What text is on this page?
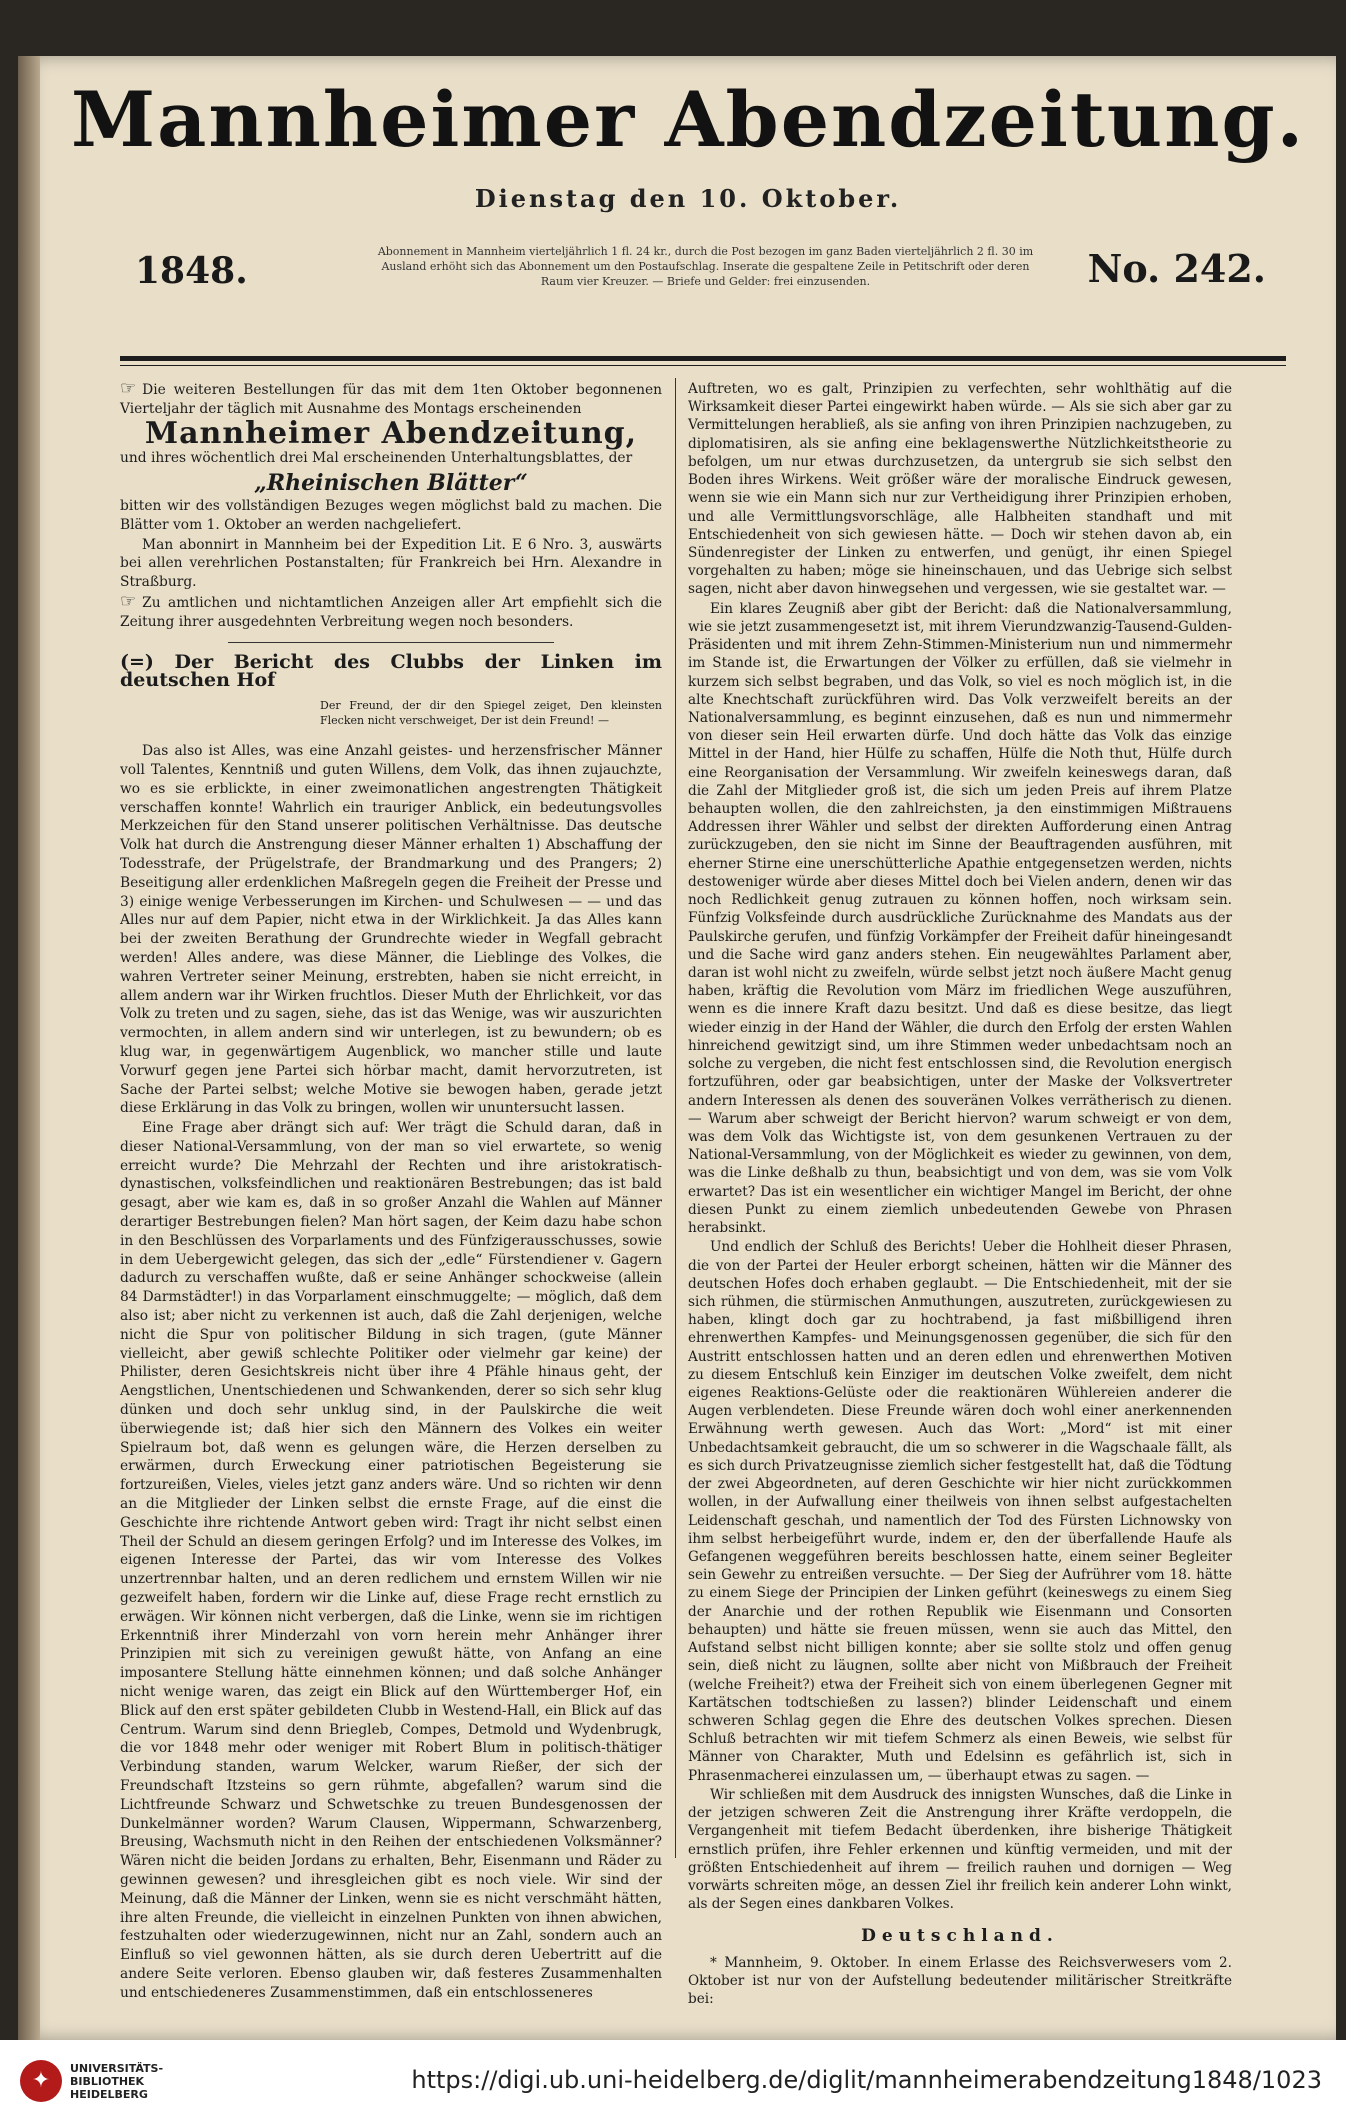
Mannheimer Abendzeitung.
Dienstag den 10. Oktober.
1848.	Abonnement in Mannheim vierteljährlich 1 fl. 24 kr., durch die Post bezogen im ganz Baden vierteljährlich 2 fl. 30 im Ausland erhöht sich das Abonnement um den Postaufschlag. Inserate die gespaltene Zeile in Petitschrift oder deren Raum vier Kreuzer. — Briefe und Gelder: frei einzusenden.	No. 242.

☞ Die weiteren Bestellungen für das mit dem 1ten Oktober begonnenen Vierteljahr der täglich mit Ausnahme des Montags erscheinenden

Mannheimer Abendzeitung,

und ihres wöchentlich drei Mal erscheinenden Unterhaltungsblattes, der

„Rheinischen Blätter“

bitten wir des vollständigen Bezuges wegen möglichst bald zu machen. Die Blätter vom 1. Oktober an werden nachgeliefert.

Man abonnirt in Mannheim bei der Expedition Lit. E 6 Nro. 3, auswärts bei allen verehrlichen Postanstalten; für Frankreich bei Hrn. Alexandre in Straßburg.

☞ Zu amtlichen und nichtamtlichen Anzeigen aller Art empfiehlt sich die Zeitung ihrer ausgedehnten Verbreitung wegen noch besonders.

(=) Der Bericht des Clubbs der Linken im deutschen Hof

Der Freund, der dir den Spiegel zeiget, Den kleinsten Flecken nicht verschweiget, Der ist dein Freund! —

Das also ist Alles, was eine Anzahl geistes- und herzensfrischer Männer voll Talentes, Kenntniß und guten Willens, dem Volk, das ihnen zujauchzte, wo es sie erblickte, in einer zweimonatlichen angestrengten Thätigkeit verschaffen konnte! Wahrlich ein trauriger Anblick, ein bedeutungsvolles Merkzeichen für den Stand unserer politischen Verhältnisse. Das deutsche Volk hat durch die Anstrengung dieser Männer erhalten 1) Abschaffung der Todesstrafe, der Prügelstrafe, der Brandmarkung und des Prangers; 2) Beseitigung aller erdenklichen Maßregeln gegen die Freiheit der Presse und 3) einige wenige Verbesserungen im Kirchen- und Schulwesen — — und das Alles nur auf dem Papier, nicht etwa in der Wirklichkeit. Ja das Alles kann bei der zweiten Berathung der Grundrechte wieder in Wegfall gebracht werden! Alles andere, was diese Männer, die Lieblinge des Volkes, die wahren Vertreter seiner Meinung, erstrebten, haben sie nicht erreicht, in allem andern war ihr Wirken fruchtlos. Dieser Muth der Ehrlichkeit, vor das Volk zu treten und zu sagen, siehe, das ist das Wenige, was wir auszurichten vermochten, in allem andern sind wir unterlegen, ist zu bewundern; ob es klug war, in gegenwärtigem Augenblick, wo mancher stille und laute Vorwurf gegen jene Partei sich hörbar macht, damit hervorzutreten, ist Sache der Partei selbst; welche Motive sie bewogen haben, gerade jetzt diese Erklärung in das Volk zu bringen, wollen wir ununtersucht lassen.

Eine Frage aber drängt sich auf: Wer trägt die Schuld daran, daß in dieser National-Versammlung, von der man so viel erwartete, so wenig erreicht wurde? Die Mehrzahl der Rechten und ihre aristokratisch-dynastischen, volksfeindlichen und reaktionären Bestrebungen; das ist bald gesagt, aber wie kam es, daß in so großer Anzahl die Wahlen auf Männer derartiger Bestrebungen fielen? Man hört sagen, der Keim dazu habe schon in den Beschlüssen des Vorparlaments und des Fünfzigerausschusses, sowie in dem Uebergewicht gelegen, das sich der „edle“ Fürstendiener v. Gagern dadurch zu verschaffen wußte, daß er seine Anhänger schockweise (allein 84 Darmstädter!) in das Vorparlament einschmuggelte; — möglich, daß dem also ist; aber nicht zu verkennen ist auch, daß die Zahl derjenigen, welche nicht die Spur von politischer Bildung in sich tragen, (gute Männer vielleicht, aber gewiß schlechte Politiker oder vielmehr gar keine) der Philister, deren Gesichtskreis nicht über ihre 4 Pfähle hinaus geht, der Aengstlichen, Unentschiedenen und Schwankenden, derer so sich sehr klug dünken und doch sehr unklug sind, in der Paulskirche die weit überwiegende ist; daß hier sich den Männern des Volkes ein weiter Spielraum bot, daß wenn es gelungen wäre, die Herzen derselben zu erwärmen, durch Erweckung einer patriotischen Begeisterung sie fortzureißen, Vieles, vieles jetzt ganz anders wäre. Und so richten wir denn an die Mitglieder der Linken selbst die ernste Frage, auf die einst die Geschichte ihre richtende Antwort geben wird: Tragt ihr nicht selbst einen Theil der Schuld an diesem geringen Erfolg? und im Interesse des Volkes, im eigenen Interesse der Partei, das wir vom Interesse des Volkes unzertrennbar halten, und an deren redlichem und ernstem Willen wir nie gezweifelt haben, fordern wir die Linke auf, diese Frage recht ernstlich zu erwägen. Wir können nicht verbergen, daß die Linke, wenn sie im richtigen Erkenntniß ihrer Minderzahl von vorn herein mehr Anhänger ihrer Prinzipien mit sich zu vereinigen gewußt hätte, von Anfang an eine imposantere Stellung hätte einnehmen können; und daß solche Anhänger nicht wenige waren, das zeigt ein Blick auf den Württemberger Hof, ein Blick auf den erst später gebildeten Clubb in Westend-Hall, ein Blick auf das Centrum. Warum sind denn Briegleb, Compes, Detmold und Wydenbrugk, die vor 1848 mehr oder weniger mit Robert Blum in politisch-thätiger Verbindung standen, warum Welcker, warum Rießer, der sich der Freundschaft Itzsteins so gern rühmte, abgefallen? warum sind die Lichtfreunde Schwarz und Schwetschke zu treuen Bundesgenossen der Dunkelmänner worden? Warum Clausen, Wippermann, Schwarzenberg, Breusing, Wachsmuth nicht in den Reihen der entschiedenen Volksmänner? Wären nicht die beiden Jordans zu erhalten, Behr, Eisenmann und Räder zu gewinnen gewesen? und ihresgleichen gibt es noch viele. Wir sind der Meinung, daß die Männer der Linken, wenn sie es nicht verschmäht hätten, ihre alten Freunde, die vielleicht in einzelnen Punkten von ihnen abwichen, festzuhalten oder wiederzugewinnen, nicht nur an Zahl, sondern auch an Einfluß so viel gewonnen hätten, als sie durch deren Uebertritt auf die andere Seite verloren. Ebenso glauben wir, daß festeres Zusammenhalten und entschiedeneres Zusammenstimmen, daß ein entschlosseneres

Auftreten, wo es galt, Prinzipien zu verfechten, sehr wohlthätig auf die Wirksamkeit dieser Partei eingewirkt haben würde. — Als sie sich aber gar zu Vermittelungen herabließ, als sie anfing von ihren Prinzipien nachzugeben, zu diplomatisiren, als sie anfing eine beklagenswerthe Nützlichkeitstheorie zu befolgen, um nur etwas durchzusetzen, da untergrub sie sich selbst den Boden ihres Wirkens. Weit größer wäre der moralische Eindruck gewesen, wenn sie wie ein Mann sich nur zur Vertheidigung ihrer Prinzipien erhoben, und alle Vermittlungsvorschläge, alle Halbheiten standhaft und mit Entschiedenheit von sich gewiesen hätte. — Doch wir stehen davon ab, ein Sündenregister der Linken zu entwerfen, und genügt, ihr einen Spiegel vorgehalten zu haben; möge sie hineinschauen, und das Uebrige sich selbst sagen, nicht aber davon hinwegsehen und vergessen, wie sie gestaltet war. —

Ein klares Zeugniß aber gibt der Bericht: daß die Nationalversammlung, wie sie jetzt zusammengesetzt ist, mit ihrem Vierundzwanzig-Tausend-Gulden-Präsidenten und mit ihrem Zehn-Stimmen-Ministerium nun und nimmermehr im Stande ist, die Erwartungen der Völker zu erfüllen, daß sie vielmehr in kurzem sich selbst begraben, und das Volk, so viel es noch möglich ist, in die alte Knechtschaft zurückführen wird. Das Volk verzweifelt bereits an der Nationalversammlung, es beginnt einzusehen, daß es nun und nimmermehr von dieser sein Heil erwarten dürfe. Und doch hätte das Volk das einzige Mittel in der Hand, hier Hülfe zu schaffen, Hülfe die Noth thut, Hülfe durch eine Reorganisation der Versammlung. Wir zweifeln keineswegs daran, daß die Zahl der Mitglieder groß ist, die sich um jeden Preis auf ihrem Platze behaupten wollen, die den zahlreichsten, ja den einstimmigen Mißtrauens Addressen ihrer Wähler und selbst der direkten Aufforderung einen Antrag zurückzugeben, den sie nicht im Sinne der Beauftragenden ausführen, mit eherner Stirne eine unerschütterliche Apathie entgegensetzen werden, nichts destoweniger würde aber dieses Mittel doch bei Vielen andern, denen wir das noch Redlichkeit genug zutrauen zu können hoffen, noch wirksam sein. Fünfzig Volksfeinde durch ausdrückliche Zurücknahme des Mandats aus der Paulskirche gerufen, und fünfzig Vorkämpfer der Freiheit dafür hineingesandt und die Sache wird ganz anders stehen. Ein neugewähltes Parlament aber, daran ist wohl nicht zu zweifeln, würde selbst jetzt noch äußere Macht genug haben, kräftig die Revolution vom März im friedlichen Wege auszuführen, wenn es die innere Kraft dazu besitzt. Und daß es diese besitze, das liegt wieder einzig in der Hand der Wähler, die durch den Erfolg der ersten Wahlen hinreichend gewitzigt sind, um ihre Stimmen weder unbedachtsam noch an solche zu vergeben, die nicht fest entschlossen sind, die Revolution energisch fortzuführen, oder gar beabsichtigen, unter der Maske der Volksvertreter andern Interessen als denen des souveränen Volkes verrätherisch zu dienen. — Warum aber schweigt der Bericht hiervon? warum schweigt er von dem, was dem Volk das Wichtigste ist, von dem gesunkenen Vertrauen zu der National-Versammlung, von der Möglichkeit es wieder zu gewinnen, von dem, was die Linke deßhalb zu thun, beabsichtigt und von dem, was sie vom Volk erwartet? Das ist ein wesentlicher ein wichtiger Mangel im Bericht, der ohne diesen Punkt zu einem ziemlich unbedeutenden Gewebe von Phrasen herabsinkt.

Und endlich der Schluß des Berichts! Ueber die Hohlheit dieser Phrasen, die von der Partei der Heuler erborgt scheinen, hätten wir die Männer des deutschen Hofes doch erhaben geglaubt. — Die Entschiedenheit, mit der sie sich rühmen, die stürmischen Anmuthungen, auszutreten, zurückgewiesen zu haben, klingt doch gar zu hochtrabend, ja fast mißbilligend ihren ehrenwerthen Kampfes- und Meinungsgenossen gegenüber, die sich für den Austritt entschlossen hatten und an deren edlen und ehrenwerthen Motiven zu diesem Entschluß kein Einziger im deutschen Volke zweifelt, dem nicht eigenes Reaktions-Gelüste oder die reaktionären Wühlereien anderer die Augen verblendeten. Diese Freunde wären doch wohl einer anerkennenden Erwähnung werth gewesen. Auch das Wort: „Mord“ ist mit einer Unbedachtsamkeit gebraucht, die um so schwerer in die Wagschaale fällt, als es sich durch Privatzeugnisse ziemlich sicher festgestellt hat, daß die Tödtung der zwei Abgeordneten, auf deren Geschichte wir hier nicht zurückkommen wollen, in der Aufwallung einer theilweis von ihnen selbst aufgestachelten Leidenschaft geschah, und namentlich der Tod des Fürsten Lichnowsky von ihm selbst herbeigeführt wurde, indem er, den der überfallende Haufe als Gefangenen weggeführen bereits beschlossen hatte, einem seiner Begleiter sein Gewehr zu entreißen versuchte. — Der Sieg der Aufrührer vom 18. hätte zu einem Siege der Principien der Linken geführt (keineswegs zu einem Sieg der Anarchie und der rothen Republik wie Eisenmann und Consorten behaupten) und hätte sie freuen müssen, wenn sie auch das Mittel, den Aufstand selbst nicht billigen konnte; aber sie sollte stolz und offen genug sein, dieß nicht zu läugnen, sollte aber nicht von Mißbrauch der Freiheit (welche Freiheit?) etwa der Freiheit sich von einem überlegenen Gegner mit Kartätschen todtschießen zu lassen?) blinder Leidenschaft und einem schweren Schlag gegen die Ehre des deutschen Volkes sprechen. Diesen Schluß betrachten wir mit tiefem Schmerz als einen Beweis, wie selbst für Männer von Charakter, Muth und Edelsinn es gefährlich ist, sich in Phrasenmacherei einzulassen um, — überhaupt etwas zu sagen. —

Wir schließen mit dem Ausdruck des innigsten Wunsches, daß die Linke in der jetzigen schweren Zeit die Anstrengung ihrer Kräfte verdoppeln, die Vergangenheit mit tiefem Bedacht überdenken, ihre bisherige Thätigkeit ernstlich prüfen, ihre Fehler erkennen und künftig vermeiden, und mit der größten Entschiedenheit auf ihrem — freilich rauhen und dornigen — Weg vorwärts schreiten möge, an dessen Ziel ihr freilich kein anderer Lohn winkt, als der Segen eines dankbaren Volkes.

Deutschland.

* Mannheim, 9. Oktober. In einem Erlasse des Reichsverwesers vom 2. Oktober ist nur von der Aufstellung bedeutender militärischer Streitkräfte bei:

✦	UNIVERSITÄTS-
BIBLIOTHEK
HEIDELBERG
https://digi.ub.uni-heidelberg.de/diglit/mannheimerabendzeitung1848/1023
